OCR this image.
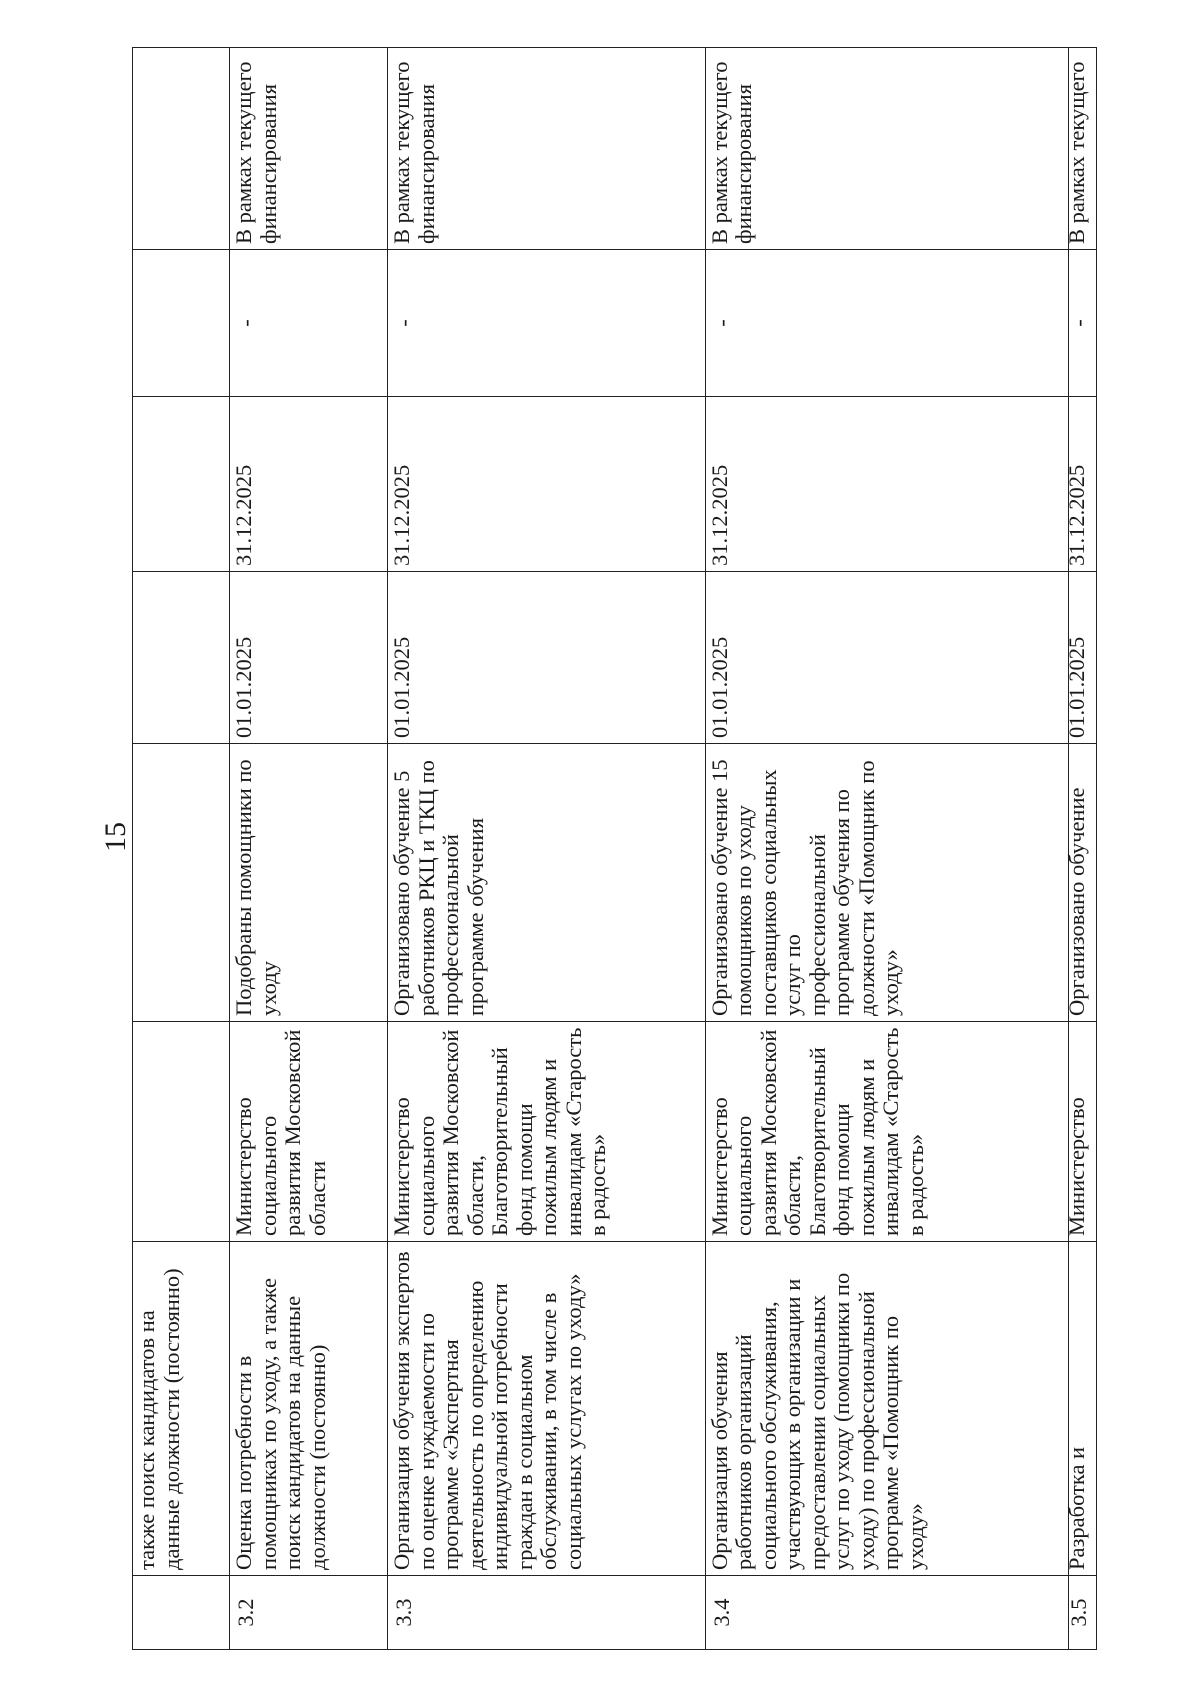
15
	также поиск кандидатов на данные должности (постоянно)						
3.2	Оценка потребности в помощниках по уходу, а также поиск кандидатов на данные должности (постоянно)	Министерство социального развития Московской области	Подобраны помощники по уходу	01.01.2025	31.12.2025	-	В рамках текущего финансирования
3.3	Организация обучения экспертов по оценке нуждаемости по программе «Экспертная деятельность по определению индивидуальной потребности граждан в социальном обслуживании, в том числе в социальных услугах по уходу»	Министерство социального развития Московской области, Благотворительный фонд помощи пожилым людям и инвалидам «Старость в радость»	Организовано обучение 5 работников РКЦ и ТКЦ по профессиональной программе обучения	01.01.2025	31.12.2025	-	В рамках текущего финансирования
3.4	Организация обучения работников организаций социального обслуживания, участвующих в организации и предоставлении социальных услуг по уходу (помощники по уходу) по профессиональной программе «Помощник по уходу»	Министерство социального развития Московской области, Благотворительный фонд помощи пожилым людям и инвалидам «Старость в радость»	Организовано обучение 15 помощников по уходу поставщиков социальных услуг по профессиональной программе обучения по должности «Помощник по уходу»	01.01.2025	31.12.2025	-	В рамках текущего финансирования
3.5	Разработка и	Министерство	Организовано обучение	01.01.2025	31.12.2025	-	В рамках текущего
